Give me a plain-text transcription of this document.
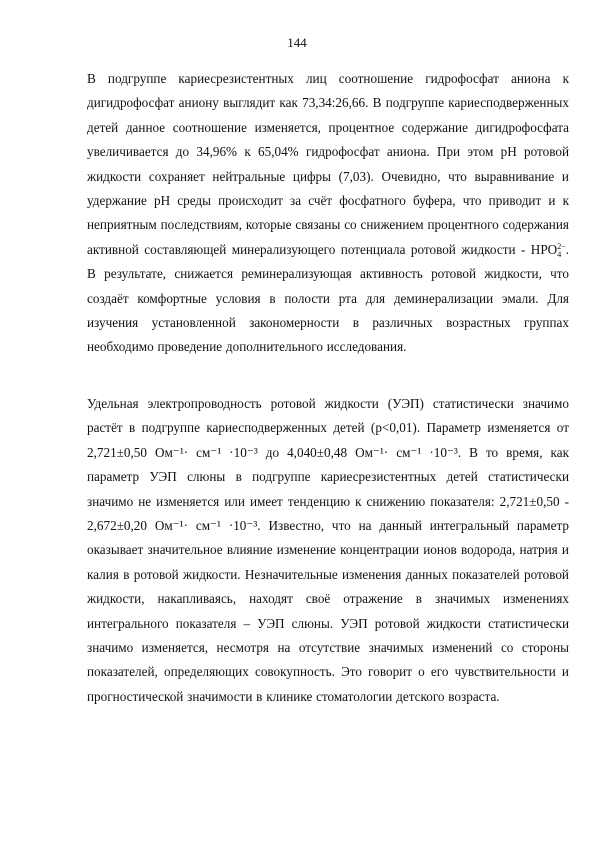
144

В подгруппе кариесрезистентных лиц соотношение гидрофосфат аниона к дигидрофосфат аниону выглядит как 73,34:26,66. В подгруппе кариесподверженных детей данное соотношение изменяется, процентное содержание дигидрофосфата увеличивается до 34,96% к 65,04% гидрофосфат аниона. При этом pH ротовой жидкости сохраняет нейтральные цифры (7,03). Очевидно, что выравнивание и удержание pH среды происходит за счёт фосфатного буфера, что приводит и к неприятным последствиям, которые связаны со снижением процентного содержания активной составляющей минерализующего потенциала ротовой жидкости - HPO2−
4 . В результате, снижается реминерализующая активность ротовой жидкости, что создаёт комфортные условия в полости рта для деминерализации эмали. Для изучения установленной закономерности в различных возрастных группах необходимо проведение дополнительного исследования.

Удельная электропроводность ротовой жидкости (УЭП) статистически значимо растёт в подгруппе кариесподверженных детей (p<0,01). Параметр изменяется от 2,721±0,50 Ом⁻¹· см⁻¹ ·10⁻³ до 4,040±0,48 Ом⁻¹· см⁻¹ ·10⁻³. В то время, как параметр УЭП слюны в подгруппе кариесрезистентных детей статистически значимо не изменяется или имеет тенденцию к снижению показателя: 2,721±0,50 - 2,672±0,20 Ом⁻¹· см⁻¹ ·10⁻³. Известно, что на данный интегральный параметр оказывает значительное влияние изменение концентрации ионов водорода, натрия и калия в ротовой жидкости. Незначительные изменения данных показателей ротовой жидкости, накапливаясь, находят своё отражение в значимых изменениях интегрального показателя – УЭП слюны. УЭП ротовой жидкости статистически значимо изменяется, несмотря на отсутствие значимых изменений со стороны показателей, определяющих совокупность. Это говорит о его чувствительности и прогностической значимости в клинике стоматологии детского возраста.
